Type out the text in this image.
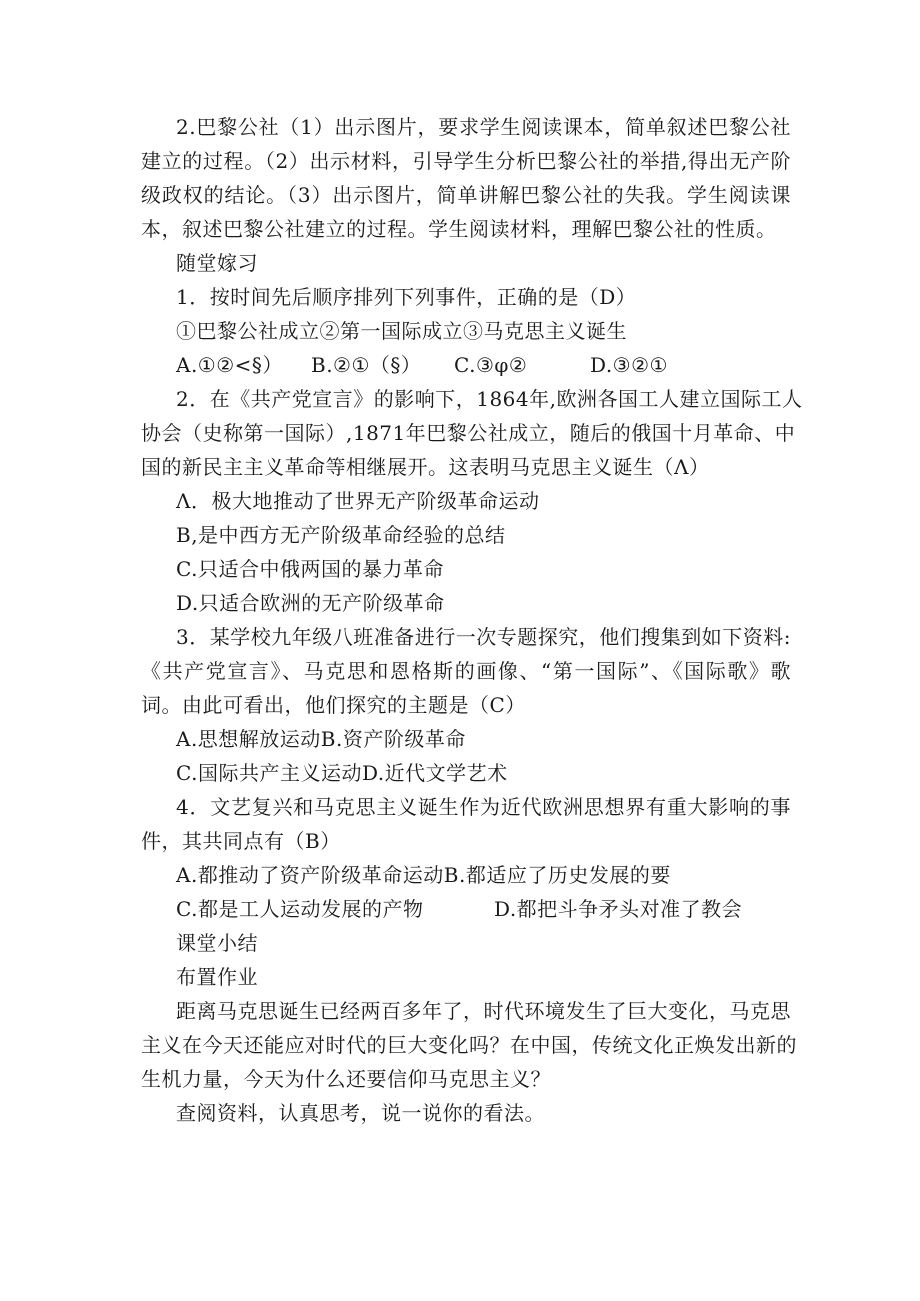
2.巴黎公社（1）出示图片，要求学生阅读课本，简单叙述巴黎公社
建立的过程。（2）出示材料，引导学生分析巴黎公社的举措,得出无产阶
级政权的结论。（3）出示图片，简单讲解巴黎公社的失我。学生阅读课
本，叙述巴黎公社建立的过程。学生阅读材料，理解巴黎公社的性质。
随堂嫁习
1．按时间先后顺序排列下列事件，正确的是（D）
①巴黎公社成立②第一国际成立③马克思主义诞生
A.①②<§） B.②①（§） C.③φ②	D.③②①
2．在《共产党宣言》的影响下，1864年,欧洲各国工人建立国际工人
协会（史称第一国际）,1871年巴黎公社成立，随后的俄国十月革命、中
国的新民主主义革命等相继展开。这表明马克思主义诞生（Λ）
Λ．极大地推动了世界无产阶级革命运动
B,是中西方无产阶级革命经验的总结
C.只适合中俄两国的暴力革命
D.只适合欧洲的无产阶级革命
3．某学校九年级八班准备进行一次专题探究，他们搜集到如下资料:
《共产党宣言》、马克思和恩格斯的画像、“第一国际”、《国际歌》歌
词。由此可看出，他们探究的主题是（C）
A.思想解放运动B.资产阶级革命
C.国际共产主义运动D.近代文学艺术
4．文艺复兴和马克思主义诞生作为近代欧洲思想界有重大影响的事
件，其共同点有（B）
A.都推动了资产阶级革命运动B.都适应了历史发展的要
C.都是工人运动发展的产物	D.都把斗争矛头对准了教会
课堂小结
布置作业
距离马克思诞生已经两百多年了，时代环境发生了巨大变化，马克思
主义在今天还能应对时代的巨大变化吗？在中国，传统文化正焕发出新的
生机力量，今天为什么还要信仰马克思主义？
查阅资料，认真思考，说一说你的看法。
